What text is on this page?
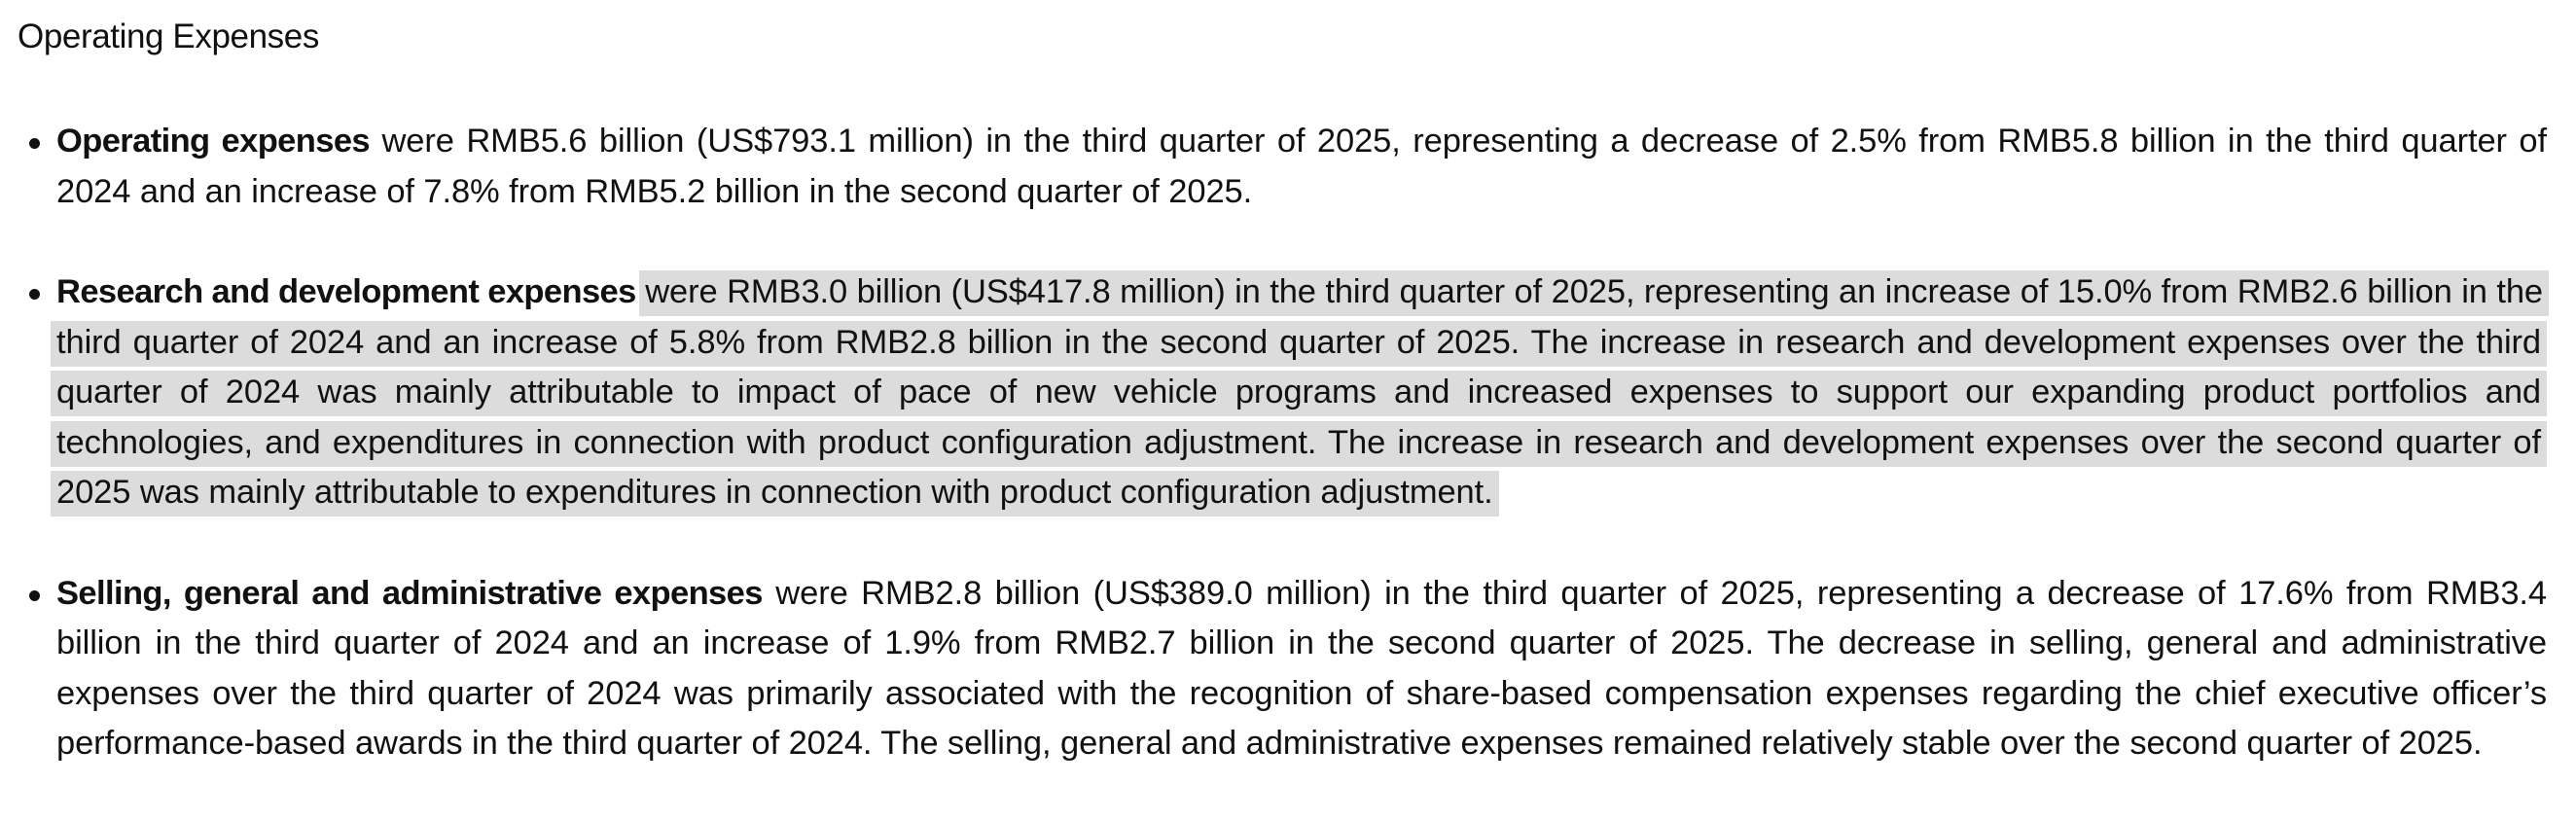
Operating Expenses
Operating expenses were RMB5.6 billion (US$793.1 million) in the third quarter of 2025, representing a decrease of 2.5% from RMB5.8 billion in the third quarter of 2024 and an increase of 7.8% from RMB5.2 billion in the second quarter of 2025.
Research and development expenses were RMB3.0 billion (US$417.8 million) in the third quarter of 2025, representing an increase of 15.0% from RMB2.6 billion in the third quarter of 2024 and an increase of 5.8% from RMB2.8 billion in the second quarter of 2025. The increase in research and development expenses over the third quarter of 2024 was mainly attributable to impact of pace of new vehicle programs and increased expenses to support our expanding product portfolios and technologies, and expenditures in connection with product configuration adjustment. The increase in research and development expenses over the second quarter of 2025 was mainly attributable to expenditures in connection with product configuration adjustment.
Selling, general and administrative expenses were RMB2.8 billion (US$389.0 million) in the third quarter of 2025, representing a decrease of 17.6% from RMB3.4 billion in the third quarter of 2024 and an increase of 1.9% from RMB2.7 billion in the second quarter of 2025. The decrease in selling, general and administrative expenses over the third quarter of 2024 was primarily associated with the recognition of share-based compensation expenses regarding the chief executive officer’s performance-based awards in the third quarter of 2024. The selling, general and administrative expenses remained relatively stable over the second quarter of 2025.
